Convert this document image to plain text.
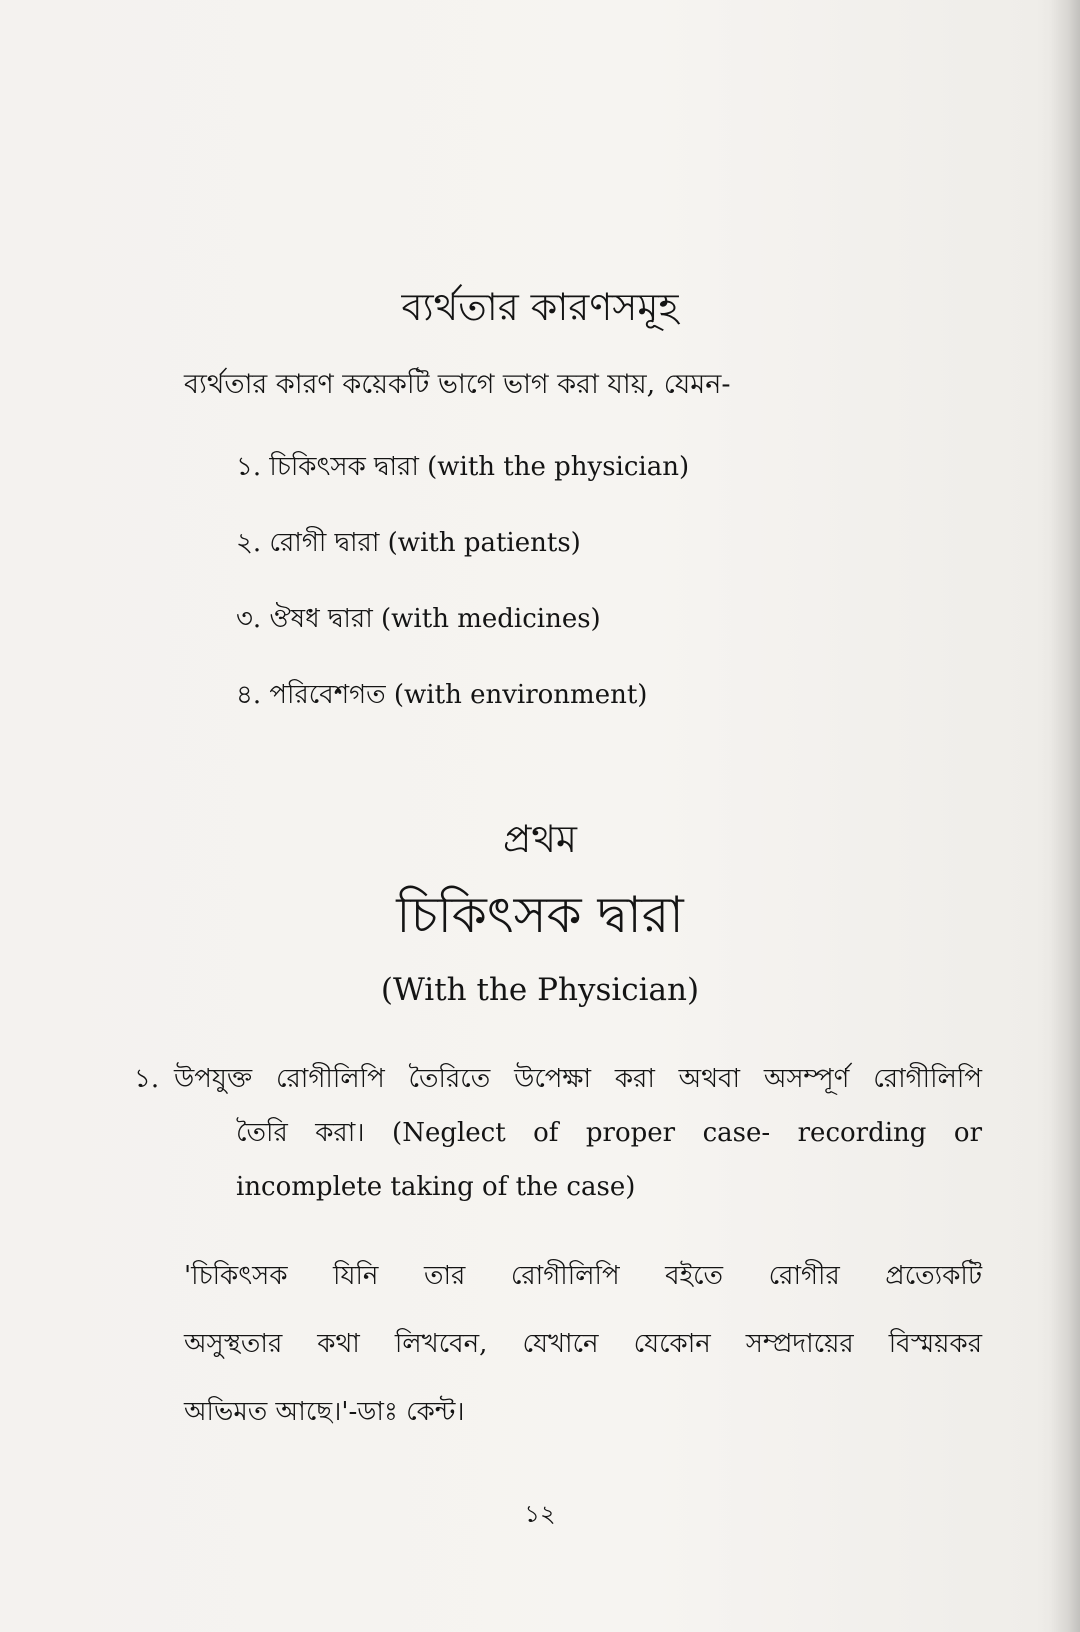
ব্যর্থতার কারণসমূহ
ব্যর্থতার কারণ কয়েকটি ভাগে ভাগ করা যায়, যেমন-
১. চিকিৎসক দ্বারা (with the physician)
২. রোগী দ্বারা (with patients)
৩. ঔষধ দ্বারা (with medicines)
৪. পরিবেশগত (with environment)
প্রথম
চিকিৎসক দ্বারা
(With the Physician)
১. উপযুক্ত রোগীলিপি তৈরিতে উপেক্ষা করা অথবা অসম্পূর্ণ রোগীলিপি
তৈরি করা। (Neglect of proper case- recording or
incomplete taking of the case)
'চিকিৎসক যিনি তার রোগীলিপি বইতে রোগীর প্রত্যেকটি
অসুস্থতার কথা লিখবেন, যেখানে যেকোন সম্প্রদায়ের বিস্ময়কর
অভিমত আছে।'-ডাঃ কেন্ট।
১২
